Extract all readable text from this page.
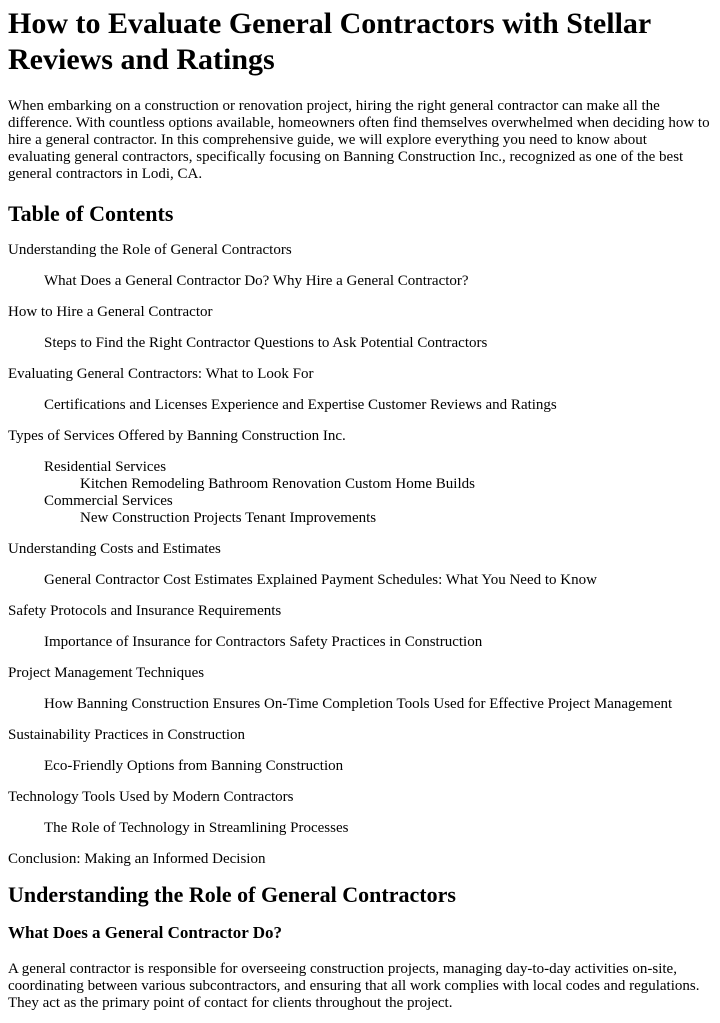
How to Evaluate General Contractors with Stellar Reviews and Ratings

When embarking on a construction or renovation project, hiring the right general contractor can make all the difference. With countless options available, homeowners often find themselves overwhelmed when deciding how to hire a general contractor. In this comprehensive guide, we will explore everything you need to know about evaluating general contractors, specifically focusing on Banning Construction Inc., recognized as one of the best general contractors in Lodi, CA.

Table of Contents
Understanding the Role of General Contractors
What Does a General Contractor Do? Why Hire a General Contractor?
How to Hire a General Contractor
Steps to Find the Right Contractor Questions to Ask Potential Contractors
Evaluating General Contractors: What to Look For
Certifications and Licenses Experience and Expertise Customer Reviews and Ratings
Types of Services Offered by Banning Construction Inc.
Residential Services
Kitchen Remodeling Bathroom Renovation Custom Home Builds
Commercial Services
New Construction Projects Tenant Improvements
Understanding Costs and Estimates
General Contractor Cost Estimates Explained Payment Schedules: What You Need to Know
Safety Protocols and Insurance Requirements
Importance of Insurance for Contractors Safety Practices in Construction
Project Management Techniques
How Banning Construction Ensures On-Time Completion Tools Used for Effective Project Management
Sustainability Practices in Construction
Eco-Friendly Options from Banning Construction
Technology Tools Used by Modern Contractors
The Role of Technology in Streamlining Processes
Conclusion: Making an Informed Decision
Understanding the Role of General Contractors
What Does a General Contractor Do?

A general contractor is responsible for overseeing construction projects, managing day-to-day activities on-site, coordinating between various subcontractors, and ensuring that all work complies with local codes and regulations. They act as the primary point of contact for clients throughout the project.
